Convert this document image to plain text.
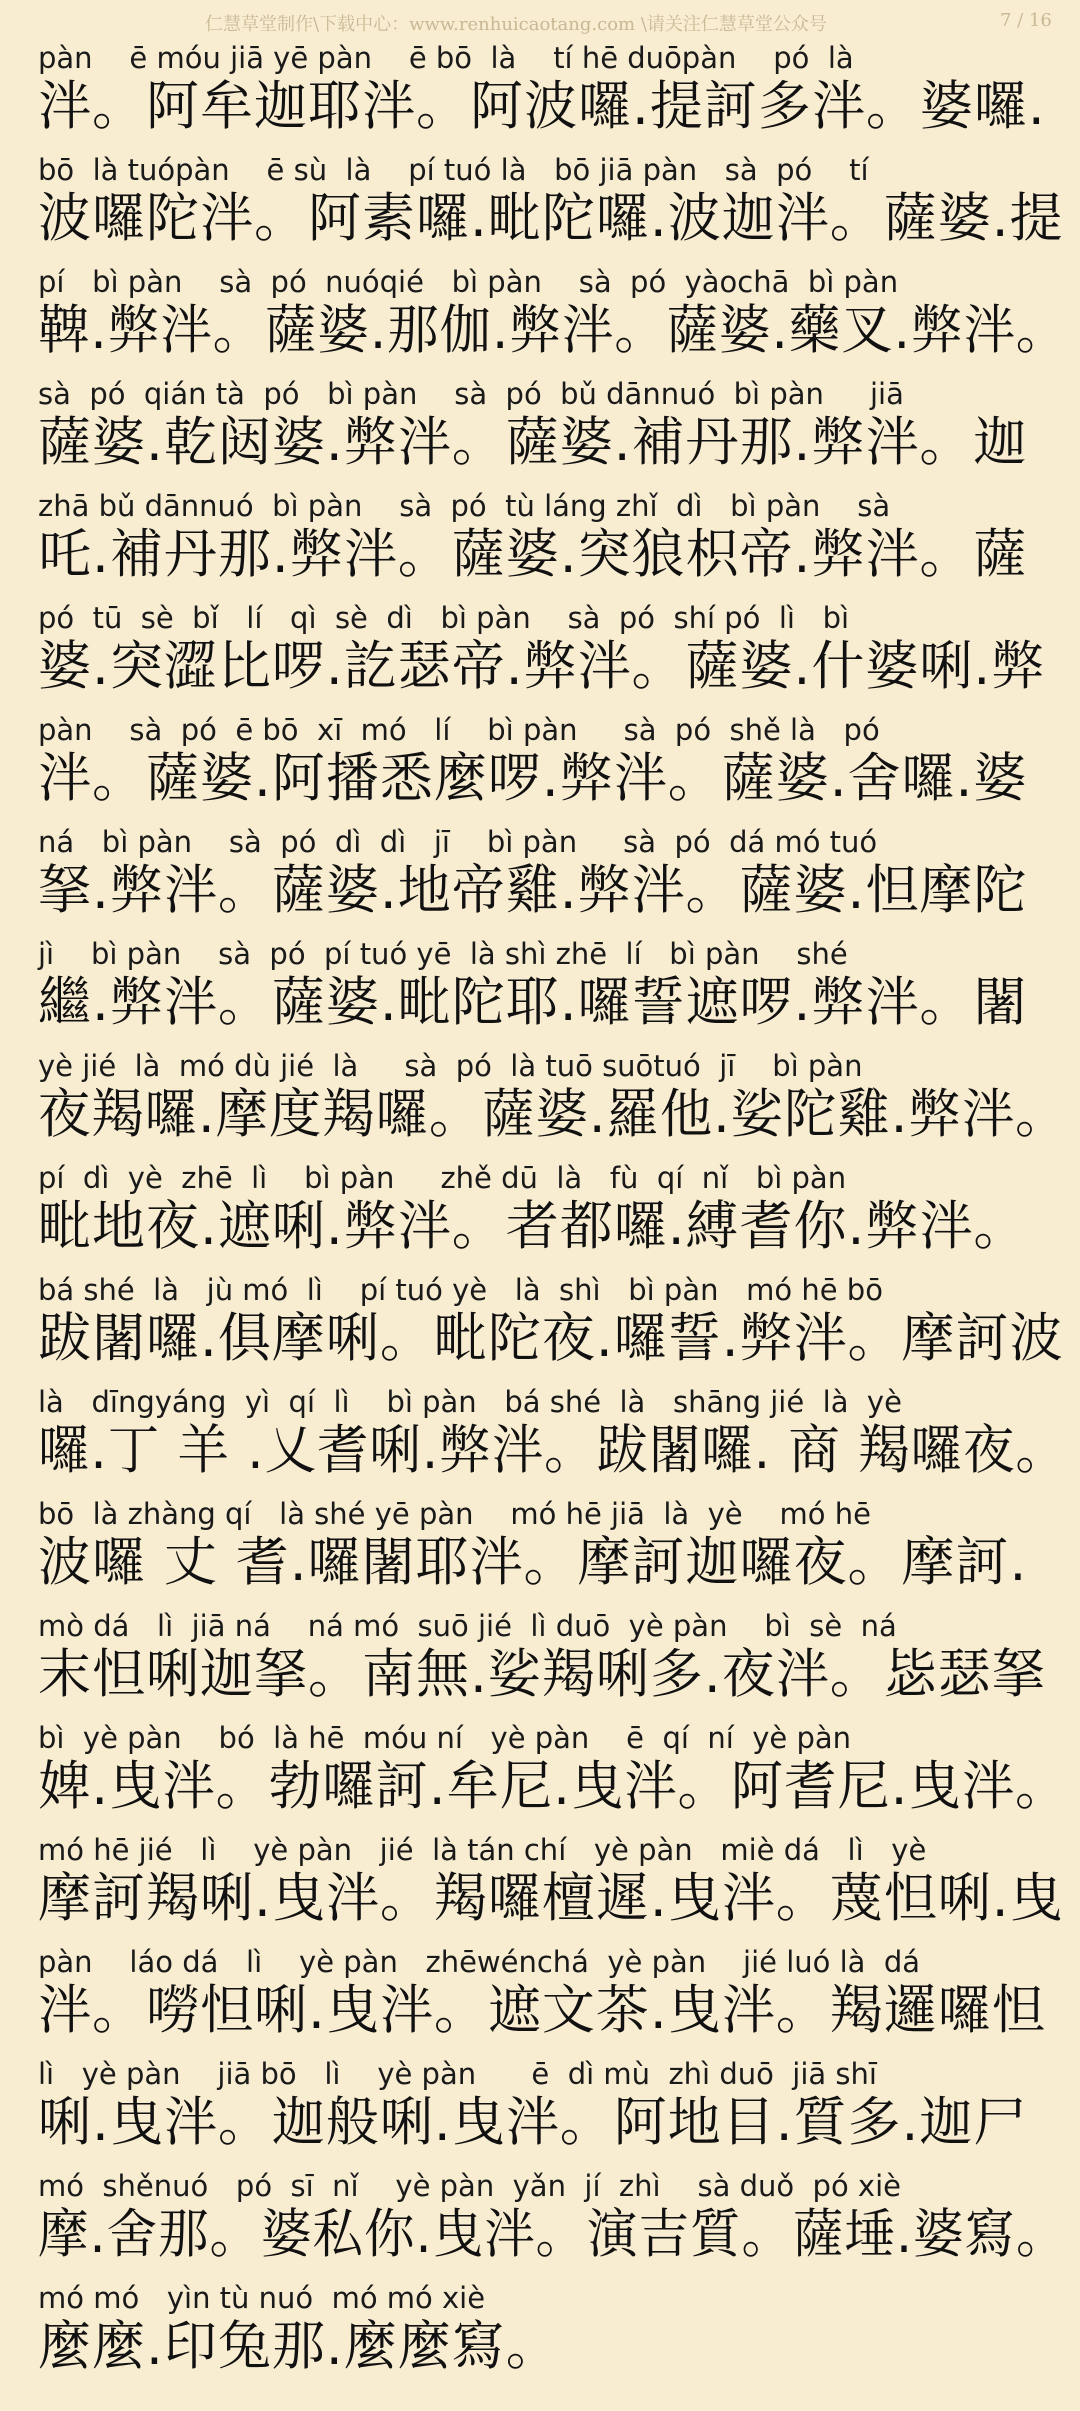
仁慧草堂制作\下载中心：www.renhuicaotang.com \请关注仁慧草堂公众号	7 / 16
pàn    ē móu jiā yē pàn    ē bō  là    tí hē duōpàn    pó  là
泮。阿牟迦耶泮。阿波囉.提訶多泮。婆囉.
bō  là tuópàn    ē sù  là    pí tuó là   bō jiā pàn   sà  pó    tí
波囉陀泮。阿素囉.毗陀囉.波迦泮。薩婆.提
pí   bì pàn    sà  pó  nuóqié   bì pàn    sà  pó  yàochā  bì pàn
鞞.弊泮。薩婆.那伽.弊泮。薩婆.藥叉.弊泮。
sà  pó  qián tà  pó   bì pàn    sà  pó  bǔ dānnuó  bì pàn     jiā
薩婆.乾闼婆.弊泮。薩婆.補丹那.弊泮。迦
zhā bǔ dānnuó  bì pàn    sà  pó  tù láng zhǐ  dì   bì pàn    sà
吒.補丹那.弊泮。薩婆.突狼枳帝.弊泮。薩
pó  tū  sè  bǐ   lí   qì  sè  dì   bì pàn    sà  pó  shí pó  lì   bì
婆.突澀比啰.訖瑟帝.弊泮。薩婆.什婆唎.弊
pàn    sà  pó  ē bō  xī  mó   lí    bì pàn     sà  pó  shě là   pó
泮。薩婆.阿播悉麼啰.弊泮。薩婆.舍囉.婆
ná   bì pàn    sà  pó  dì  dì   jī    bì pàn     sà  pó  dá mó tuó
拏.弊泮。薩婆.地帝雞.弊泮。薩婆.怛摩陀
jì    bì pàn    sà  pó  pí tuó yē  là shì zhē  lí   bì pàn    shé
繼.弊泮。薩婆.毗陀耶.囉誓遮啰.弊泮。闍
yè jié  là  mó dù jié  là     sà  pó  là tuō suōtuó  jī    bì pàn
夜羯囉.摩度羯囉。薩婆.羅他.娑陀雞.弊泮。
pí  dì  yè  zhē  lì    bì pàn     zhě dū  là   fù  qí  nǐ   bì pàn
毗地夜.遮唎.弊泮。者都囉.縛耆你.弊泮。
bá shé  là   jù mó  lì    pí tuó yè   là  shì   bì pàn   mó hē bō
跋闍囉.俱摩唎。毗陀夜.囉誓.弊泮。摩訶波
là   dīngyáng  yì  qí  lì    bì pàn   bá shé  là   shāng jié  là  yè
囉.丁 羊 .乂耆唎.弊泮。跋闍囉. 商 羯囉夜。
bō  là zhàng qí   là shé yē pàn    mó hē jiā  là  yè    mó hē
波囉 丈 耆.囉闍耶泮。摩訶迦囉夜。摩訶.
mò dá   lì  jiā ná    ná mó  suō jié  lì duō  yè pàn    bì  sè  ná
末怛唎迦拏。南無.娑羯唎多.夜泮。毖瑟拏
bì  yè pàn    bó  là hē  móu ní   yè pàn    ē  qí  ní  yè pàn
婢.曳泮。勃囉訶.牟尼.曳泮。阿耆尼.曳泮。
mó hē jié   lì    yè pàn   jié  là tán chí   yè pàn   miè dá   lì   yè
摩訶羯唎.曳泮。羯囉檀遲.曳泮。蔑怛唎.曳
pàn    láo dá   lì    yè pàn   zhēwénchá  yè pàn    jié luó là  dá
泮。嘮怛唎.曳泮。遮文茶.曳泮。羯邏囉怛
lì   yè pàn    jiā bō   lì    yè pàn      ē  dì mù  zhì duō  jiā shī
唎.曳泮。迦般唎.曳泮。阿地目.質多.迦尸
mó  shěnuó   pó  sī  nǐ    yè pàn  yǎn  jí  zhì    sà duǒ  pó xiè
摩.舍那。婆私你.曳泮。演吉質。薩埵.婆寫。
mó mó   yìn tù nuó  mó mó xiè
麼麼.印兔那.麼麼寫。
